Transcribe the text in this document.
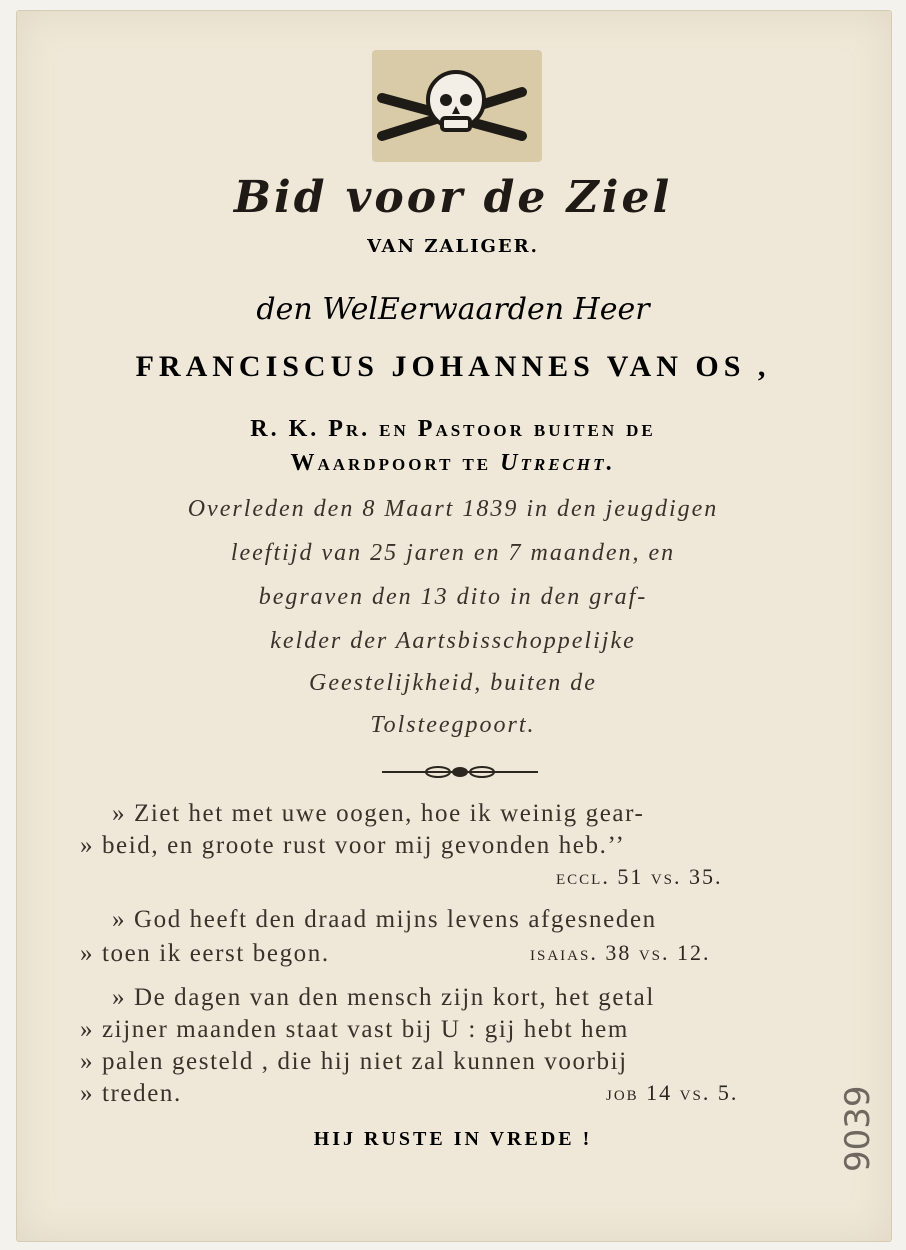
Bid voor de Ziel
VAN ZALIGER.
den WelEerwaarden Heer
FRANCISCUS JOHANNES VAN OS ,
R. K. Pr. en Pastoor buiten de
Waardpoort te Utrecht.
Overleden den 8 Maart 1839 in den jeugdigen
leeftijd van 25 jaren en 7 maanden, en
begraven den 13 dito in den graf-
kelder der Aartsbisschoppelijke
Geestelijkheid, buiten de
Tolsteegpoort.
» Ziet het met uwe oogen, hoe ik weinig gear-
» beid, en groote rust voor mij gevonden heb.’’
eccl. 51 vs. 35.
» God heeft den draad mijns levens afgesneden
» toen ik eerst begon.	isaias. 38 vs. 12.
» De dagen van den mensch zijn kort, het getal
» zijner maanden staat vast bij U : gij hebt hem
» palen gesteld , die hij niet zal kunnen voorbij
» treden.	job 14 vs. 5.
HIJ RUSTE IN VREDE !	9039
